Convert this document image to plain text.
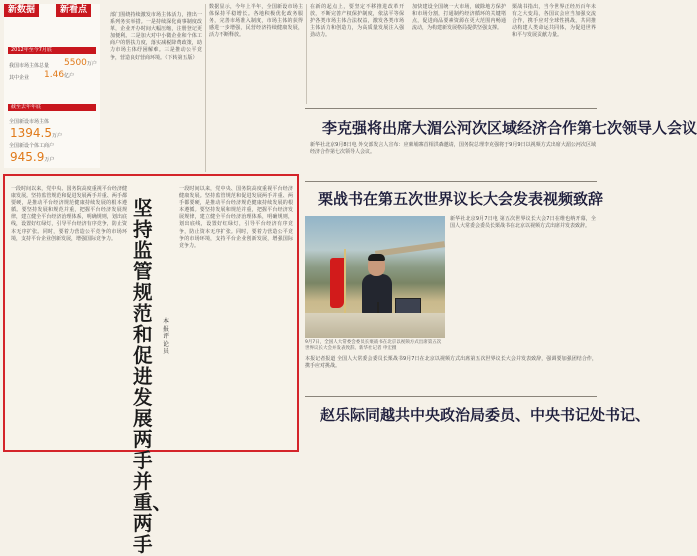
新数据	新看点
2012年至今7月底
我国市场主体总量 5500万户
其中企业 1.46亿户
截至去年年底
全国新设市场主体
1394.5万户
全国新设个体工商户
945.9万户
部门围绕持续激发市场主体活力，推出一系列务实举措。一是持续深化商事制度改革，企业开办时间大幅压缩，注册登记更加便利。二是加大对中小微企业和个体工商户的帮扶力度，落实减税降费政策，助力市场主体纾困解难。三是推动公平竞争，营造良好营商环境。（下转第五版）
数据显示，今年上半年，全国新设市场主体保持平稳增长。各地积极优化政务服务，完善市场准入制度，市场主体的获得感进一步增强，民营经济持续健康发展，活力不断释放。
在新的起点上，要坚定不移推进改革开放，不断完善产权保护制度，依法平等保护各类市场主体合法权益，激发各类市场主体活力和创造力，为高质量发展注入强劲动力。
加快建设全国统一大市场，破除地方保护和市场分割，打通制约经济循环的关键堵点，促进商品要素资源在更大范围内畅通流动，为构建新发展格局提供坚强支撑。
栗战书指出，当今世界正经历百年未有之大变局，各国议会应当加强交流合作，携手应对全球性挑战，共同推动构建人类命运共同体，为促进世界和平与发展贡献力量。
李克强将出席大湄公河次区域经济合作第七次领导人会议
新华社北京9月8日电 外交部发言人宣布：应柬埔寨首相洪森邀请，国务院总理李克强将于9月9日以视频方式出席大湄公河次区域经济合作第七次领导人会议。
栗战书在第五次世界议长大会发表视频致辞
9月7日，全国人大常委会委员长栗战书在北京以视频方式出席第五次世界议长大会并发表致辞。新华社记者 申宏摄
新华社北京9月7日电 第五次世界议长大会7日在维也纳开幕，全国人大常委会委员长栗战书在北京以视频方式出席并发表致辞。
本报记者报道 全国人大常委会委员长栗战书9月7日在北京以视频方式出席第五次世界议长大会并发表致辞，强调要加强团结合作，携手应对挑战。
赵乐际同越共中央政治局委员、中央书记处书记、
一段时间以来，党中央、国务院高度重视平台经济健康发展。坚持监管规范和促进发展两手并重、两手都要硬，是推动平台经济规范健康持续发展的根本遵循。要坚持发展和规范并重，把握平台经济发展规律，建立健全平台经济治理体系，明确规则，划出底线，设置好红绿灯，引导平台经济有序竞争，防止资本无序扩张。同时，要着力营造公平竞争的市场环境，支持平台企业创新发展，增强国际竞争力。
坚持监管规范和促进发展两手并重、两手
本报评论员
一段时间以来，党中央、国务院高度重视平台经济健康发展。坚持监管规范和促进发展两手并重、两手都要硬，是推动平台经济规范健康持续发展的根本遵循。要坚持发展和规范并重，把握平台经济发展规律，建立健全平台经济治理体系，明确规则，划出底线，设置好红绿灯，引导平台经济有序竞争，防止资本无序扩张。同时，要着力营造公平竞争的市场环境，支持平台企业创新发展，增强国际竞争力。
